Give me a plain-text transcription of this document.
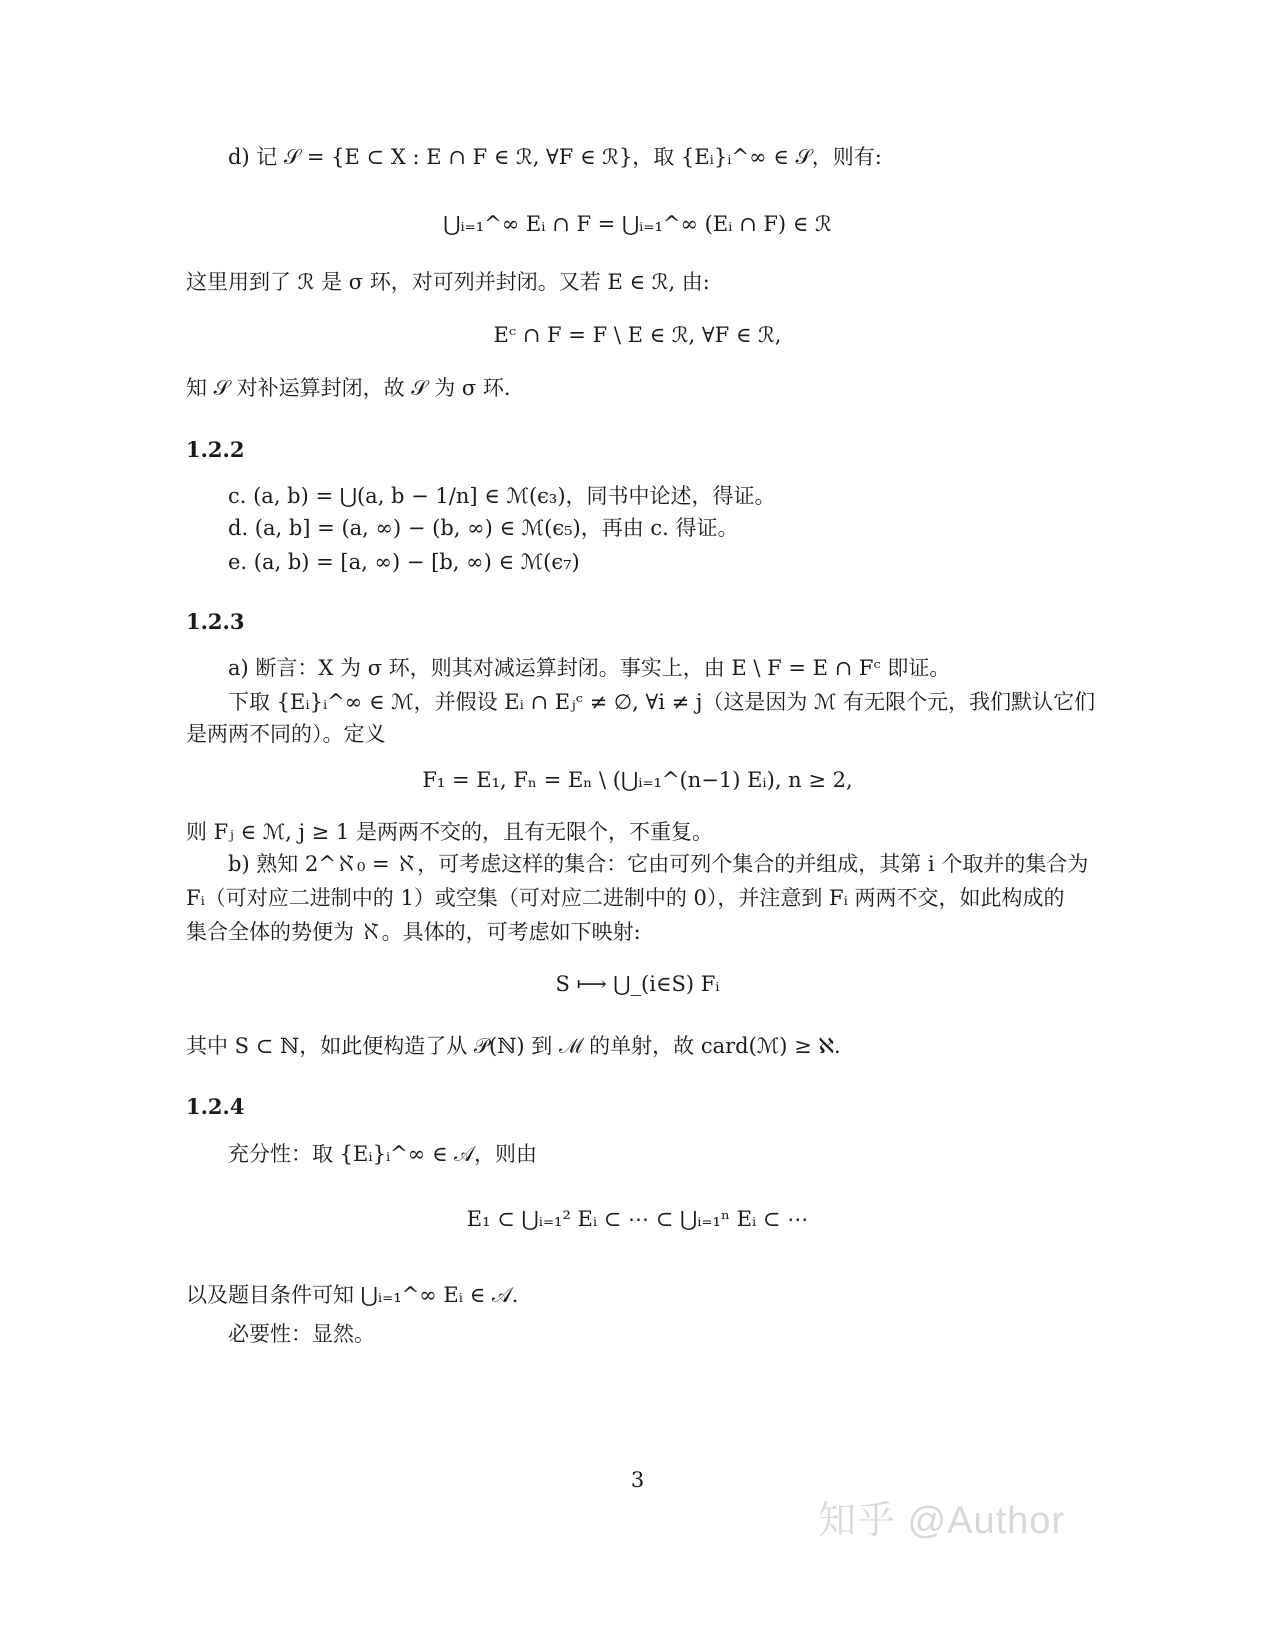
d) 记 𝒮 = {E ⊂ X : E ∩ F ∈ ℛ, ∀F ∈ ℛ}，取 {Eᵢ}ᵢ^∞ ∈ 𝒮，则有:
⋃ᵢ₌₁^∞ Eᵢ ∩ F = ⋃ᵢ₌₁^∞ (Eᵢ ∩ F) ∈ ℛ
这里用到了 ℛ 是 σ 环，对可列并封闭。又若 E ∈ ℛ, 由:
Eᶜ ∩ F = F \ E ∈ ℛ, ∀F ∈ ℛ,
知 𝒮 对补运算封闭，故 𝒮 为 σ 环.
1.2.2
c. (a, b) = ⋃(a, b − 1/n] ∈ ℳ(ϵ₃)，同书中论述，得证。
d. (a, b] = (a, ∞) − (b, ∞) ∈ ℳ(ϵ₅)，再由 c. 得证。
e. (a, b) = [a, ∞) − [b, ∞) ∈ ℳ(ϵ₇)
1.2.3
a) 断言：X 为 σ 环，则其对减运算封闭。事实上，由 E \ F = E ∩ Fᶜ 即证。
下取 {Eᵢ}ᵢ^∞ ∈ ℳ，并假设 Eᵢ ∩ Eⱼᶜ ≠ ∅, ∀i ≠ j（这是因为 ℳ 有无限个元，我们默认它们
是两两不同的）。定义
F₁ = E₁, Fₙ = Eₙ \ (⋃ᵢ₌₁^(n−1) Eᵢ), n ≥ 2,
则 Fⱼ ∈ ℳ, j ≥ 1 是两两不交的，且有无限个，不重复。
b) 熟知 2^ℵ₀ = ℵ，可考虑这样的集合：它由可列个集合的并组成，其第 i 个取并的集合为
Fᵢ（可对应二进制中的 1）或空集（可对应二进制中的 0），并注意到 Fᵢ 两两不交，如此构成的
集合全体的势便为 ℵ。具体的，可考虑如下映射:
S ⟼ ⋃_(i∈S) Fᵢ
其中 S ⊂ ℕ，如此便构造了从 𝒫(ℕ) 到 ℳ 的单射，故 card(ℳ) ≥ ℵ.
1.2.4
充分性：取 {Eᵢ}ᵢ^∞ ∈ 𝒜，则由
E₁ ⊂ ⋃ᵢ₌₁² Eᵢ ⊂ ⋯ ⊂ ⋃ᵢ₌₁ⁿ Eᵢ ⊂ ⋯
以及题目条件可知 ⋃ᵢ₌₁^∞ Eᵢ ∈ 𝒜.
必要性：显然。
3
知乎 @Author
